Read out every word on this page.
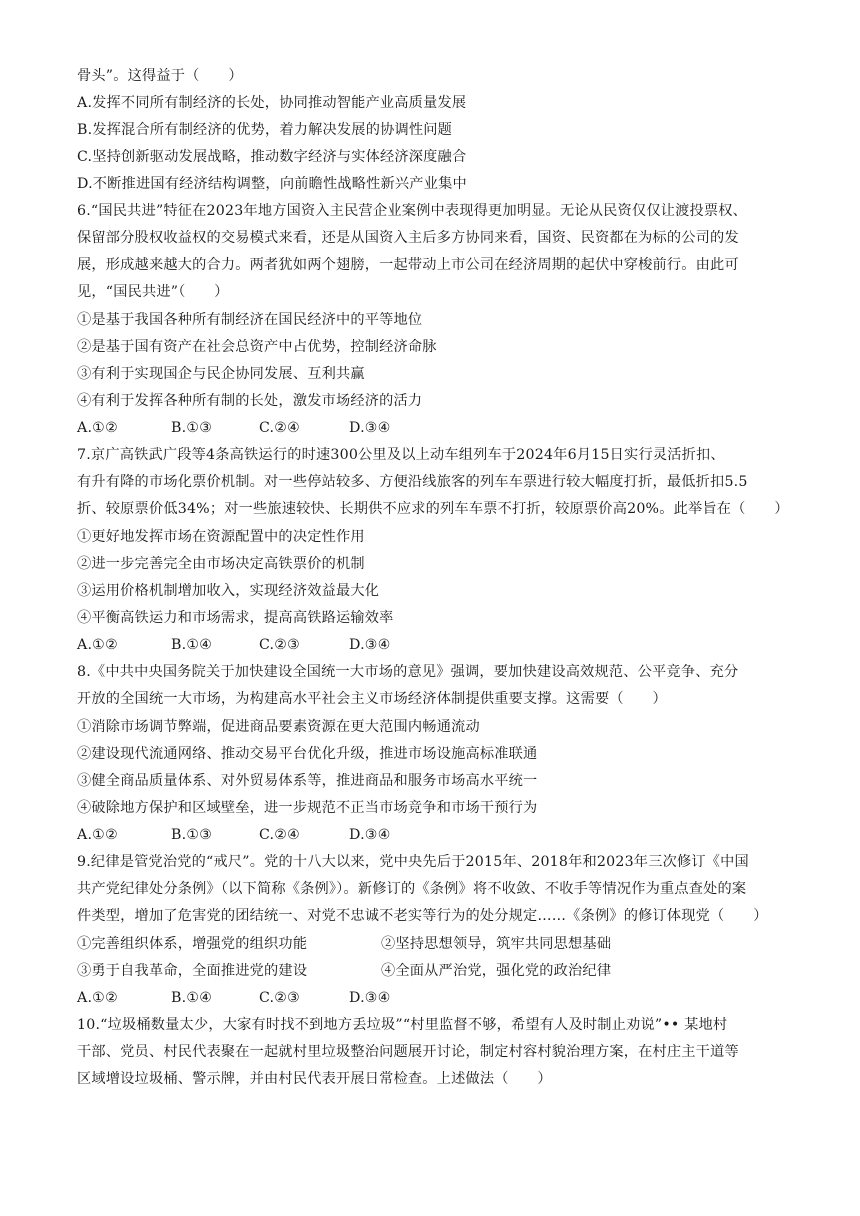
骨头”。这得益于（　　）
A.发挥不同所有制经济的长处，协同推动智能产业高质量发展
B.发挥混合所有制经济的优势，着力解决发展的协调性问题
C.坚持创新驱动发展战略，推动数字经济与实体经济深度融合
D.不断推进国有经济结构调整，向前瞻性战略性新兴产业集中
6.“国民共进”特征在2023年地方国资入主民营企业案例中表现得更加明显。无论从民资仅仅让渡投票权、
保留部分股权收益权的交易模式来看，还是从国资入主后多方协同来看，国资、民资都在为标的公司的发
展，形成越来越大的合力。两者犹如两个翅膀，一起带动上市公司在经济周期的起伏中穿梭前行。由此可
见，“国民共进”（　　）
①是基于我国各种所有制经济在国民经济中的平等地位
②是基于国有资产在社会总资产中占优势，控制经济命脉
③有利于实现国企与民企协同发展、互利共赢
④有利于发挥各种所有制的长处，激发市场经济的活力
A.①②	B.①③	C.②④	D.③④
7.京广高铁武广段等4条高铁运行的时速300公里及以上动车组列车于2024年6月15日实行灵活折扣、
有升有降的市场化票价机制。对一些停站较多、方便沿线旅客的列车车票进行较大幅度打折，最低折扣5.5
折、较原票价低34%；对一些旅速较快、长期供不应求的列车车票不打折，较原票价高20%。此举旨在（　　）
①更好地发挥市场在资源配置中的决定性作用
②进一步完善完全由市场决定高铁票价的机制
③运用价格机制增加收入，实现经济效益最大化
④平衡高铁运力和市场需求，提高高铁路运输效率
A.①②	B.①④	C.②③	D.③④
8.《中共中央国务院关于加快建设全国统一大市场的意见》强调，要加快建设高效规范、公平竞争、充分
开放的全国统一大市场，为构建高水平社会主义市场经济体制提供重要支撑。这需要（　　）
①消除市场调节弊端，促进商品要素资源在更大范围内畅通流动
②建设现代流通网络、推动交易平台优化升级，推进市场设施高标准联通
③健全商品质量体系、对外贸易体系等，推进商品和服务市场高水平统一
④破除地方保护和区域壁垒，进一步规范不正当市场竞争和市场干预行为
A.①②	B.①③	C.②④	D.③④
9.纪律是管党治党的“戒尺”。党的十八大以来，党中央先后于2015年、2018年和2023年三次修订《中国
共产党纪律处分条例》（以下简称《条例》）。新修订的《条例》将不收敛、不收手等情况作为重点查处的案
件类型，增加了危害党的团结统一、对党不忠诚不老实等行为的处分规定……《条例》的修订体现党（　　）
①完善组织体系，增强党的组织功能	②坚持思想领导，筑牢共同思想基础
③勇于自我革命，全面推进党的建设	④全面从严治党，强化党的政治纪律
A.①②	B.①④	C.②③	D.③④
10.“垃圾桶数量太少，大家有时找不到地方丢垃圾”“村里监督不够，希望有人及时制止劝说”•• 某地村
干部、党员、村民代表聚在一起就村里垃圾整治问题展开讨论，制定村容村貌治理方案，在村庄主干道等
区域增设垃圾桶、警示牌，并由村民代表开展日常检查。上述做法（　　）
